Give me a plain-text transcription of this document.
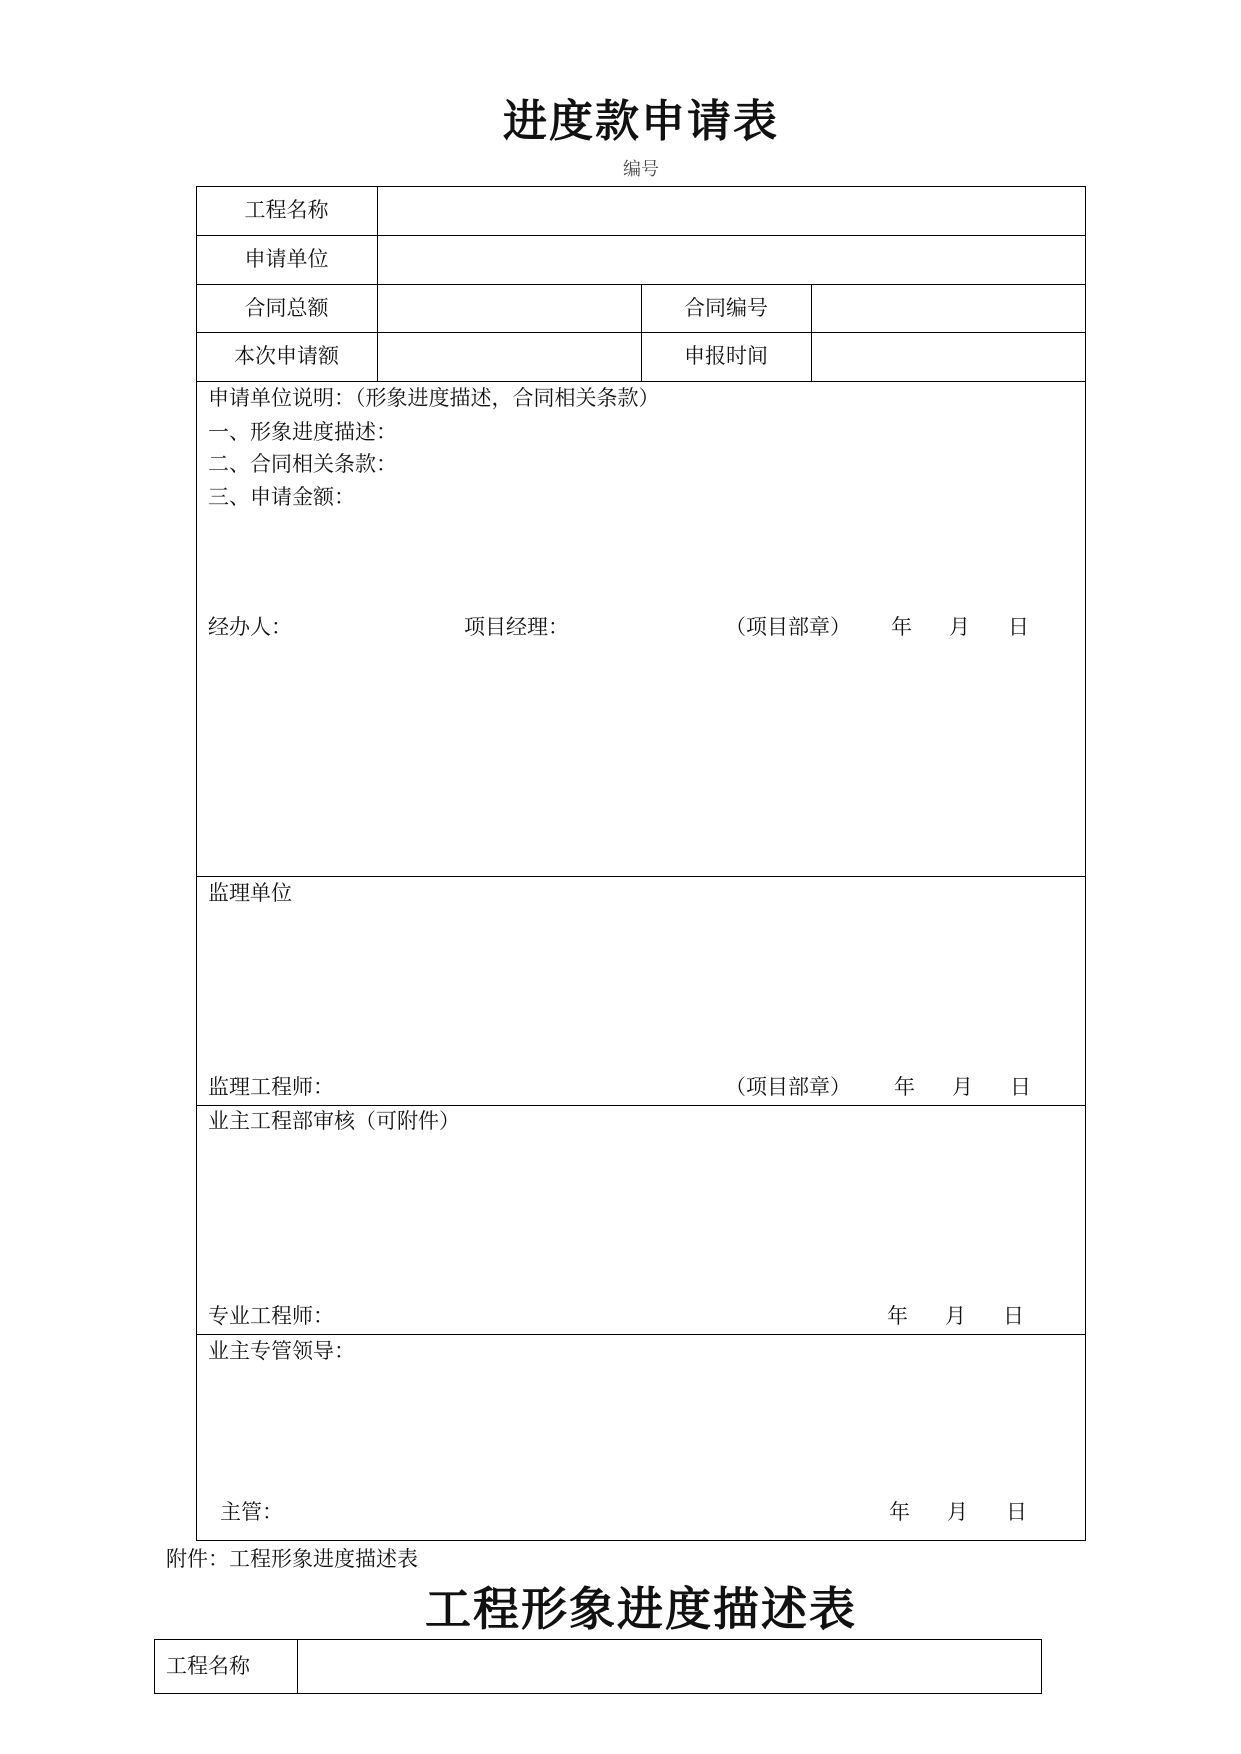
进度款申请表
编号
工程名称
申请单位
合同总额	合同编号
本次申请额	申报时间
申请单位说明：（形象进度描述，合同相关条款）
一、形象进度描述：
二、合同相关条款：
三、申请金额：
经办人：	项目经理：	（项目部章） 年 月 日
监理单位
监理工程师：	（项目部章） 年 月 日
业主工程部审核（可附件）
专业工程师：	年 月 日
业主专管领导：
主管：	年 月 日
附件：工程形象进度描述表
工程形象进度描述表
工程名称
